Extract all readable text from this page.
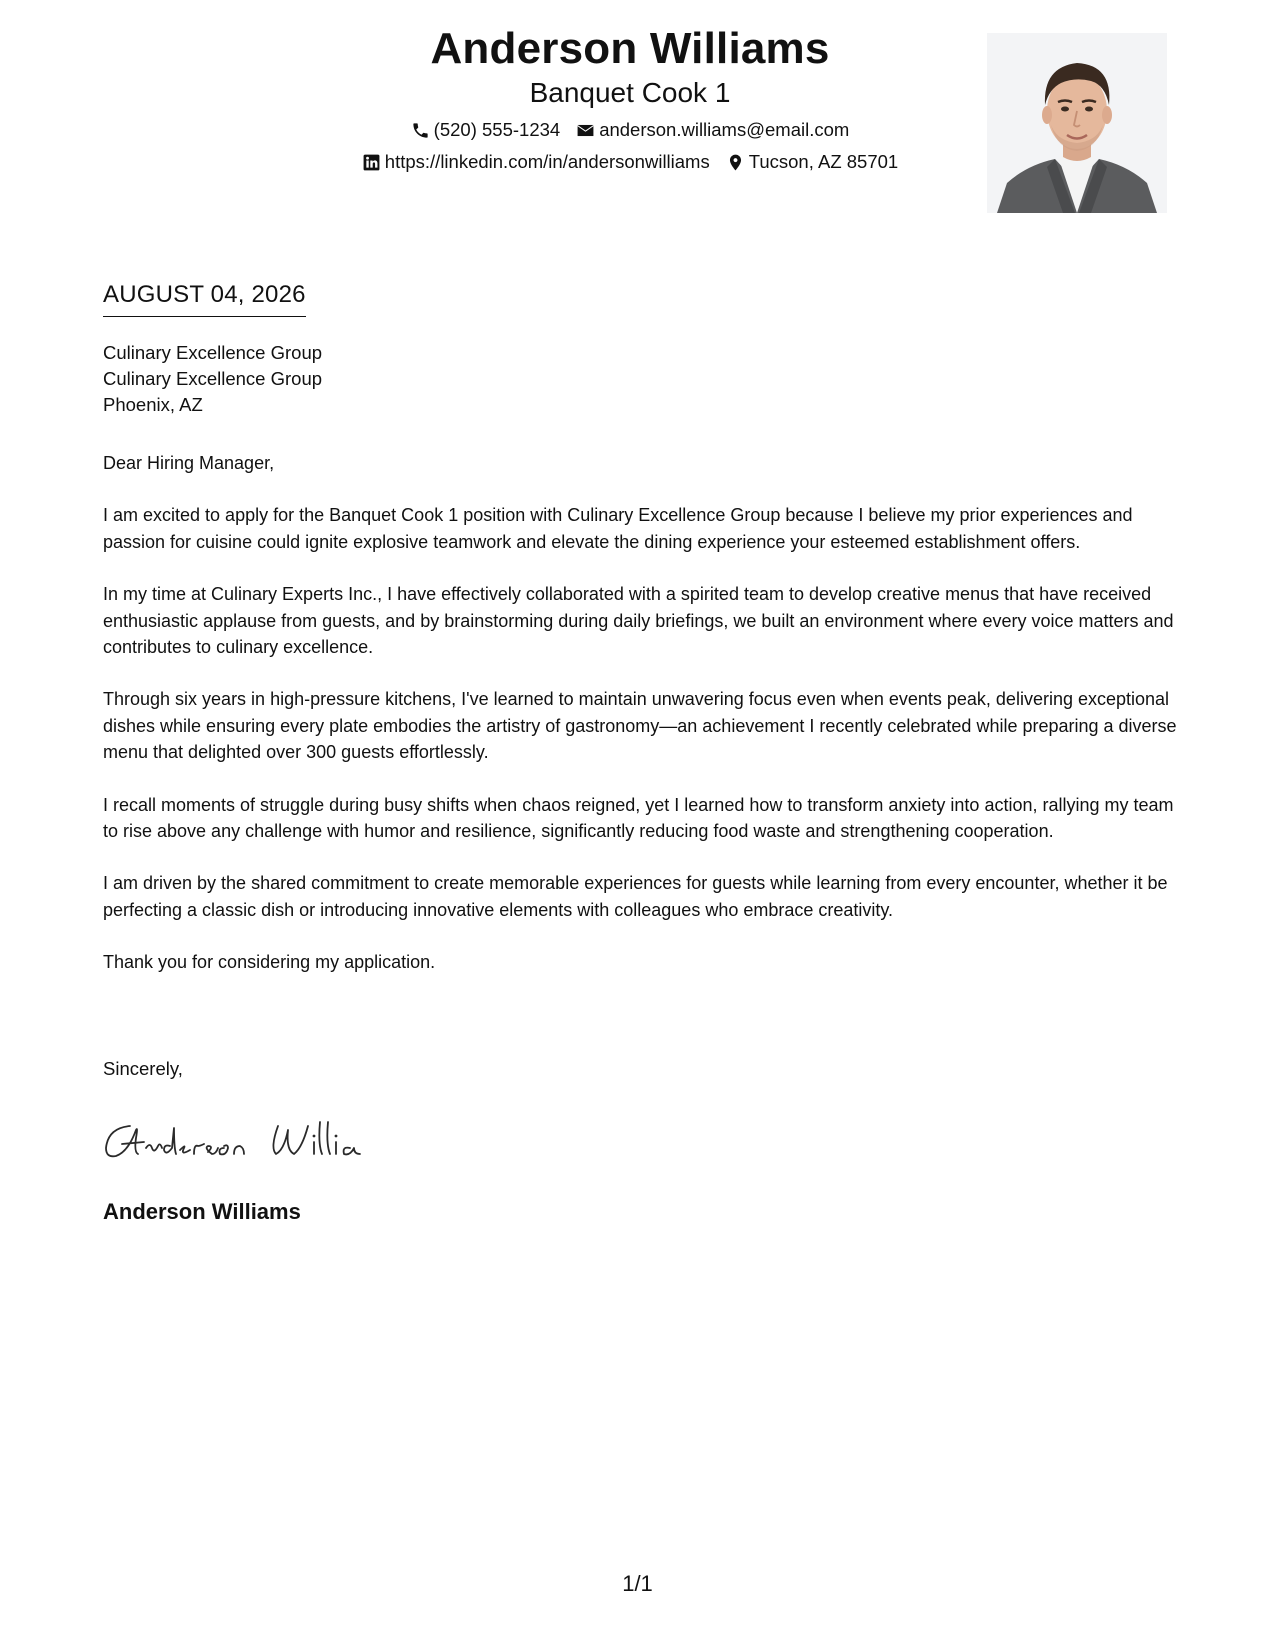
Anderson Williams
Banquet Cook 1
(520) 555-1234 anderson.williams@email.com
https://linkedin.com/in/andersonwilliams Tucson, AZ 85701
AUGUST 04, 2026
Culinary Excellence Group
Culinary Excellence Group
Phoenix, AZ

Dear Hiring Manager,

I am excited to apply for the Banquet Cook 1 position with Culinary Excellence Group because I believe my prior experiences and passion for cuisine could ignite explosive teamwork and elevate the dining experience your esteemed establishment offers.

In my time at Culinary Experts Inc., I have effectively collaborated with a spirited team to develop creative menus that have received enthusiastic applause from guests, and by brainstorming during daily briefings, we built an environment where every voice matters and contributes to culinary excellence.

Through six years in high-pressure kitchens, I've learned to maintain unwavering focus even when events peak, delivering exceptional dishes while ensuring every plate embodies the artistry of gastronomy—an achievement I recently celebrated while preparing a diverse menu that delighted over 300 guests effortlessly.

I recall moments of struggle during busy shifts when chaos reigned, yet I learned how to transform anxiety into action, rallying my team to rise above any challenge with humor and resilience, significantly reducing food waste and strengthening cooperation.

I am driven by the shared commitment to create memorable experiences for guests while learning from every encounter, whether it be perfecting a classic dish or introducing innovative elements with colleagues who embrace creativity.

Thank you for considering my application.

Sincerely,
Anderson Williams
1/1
